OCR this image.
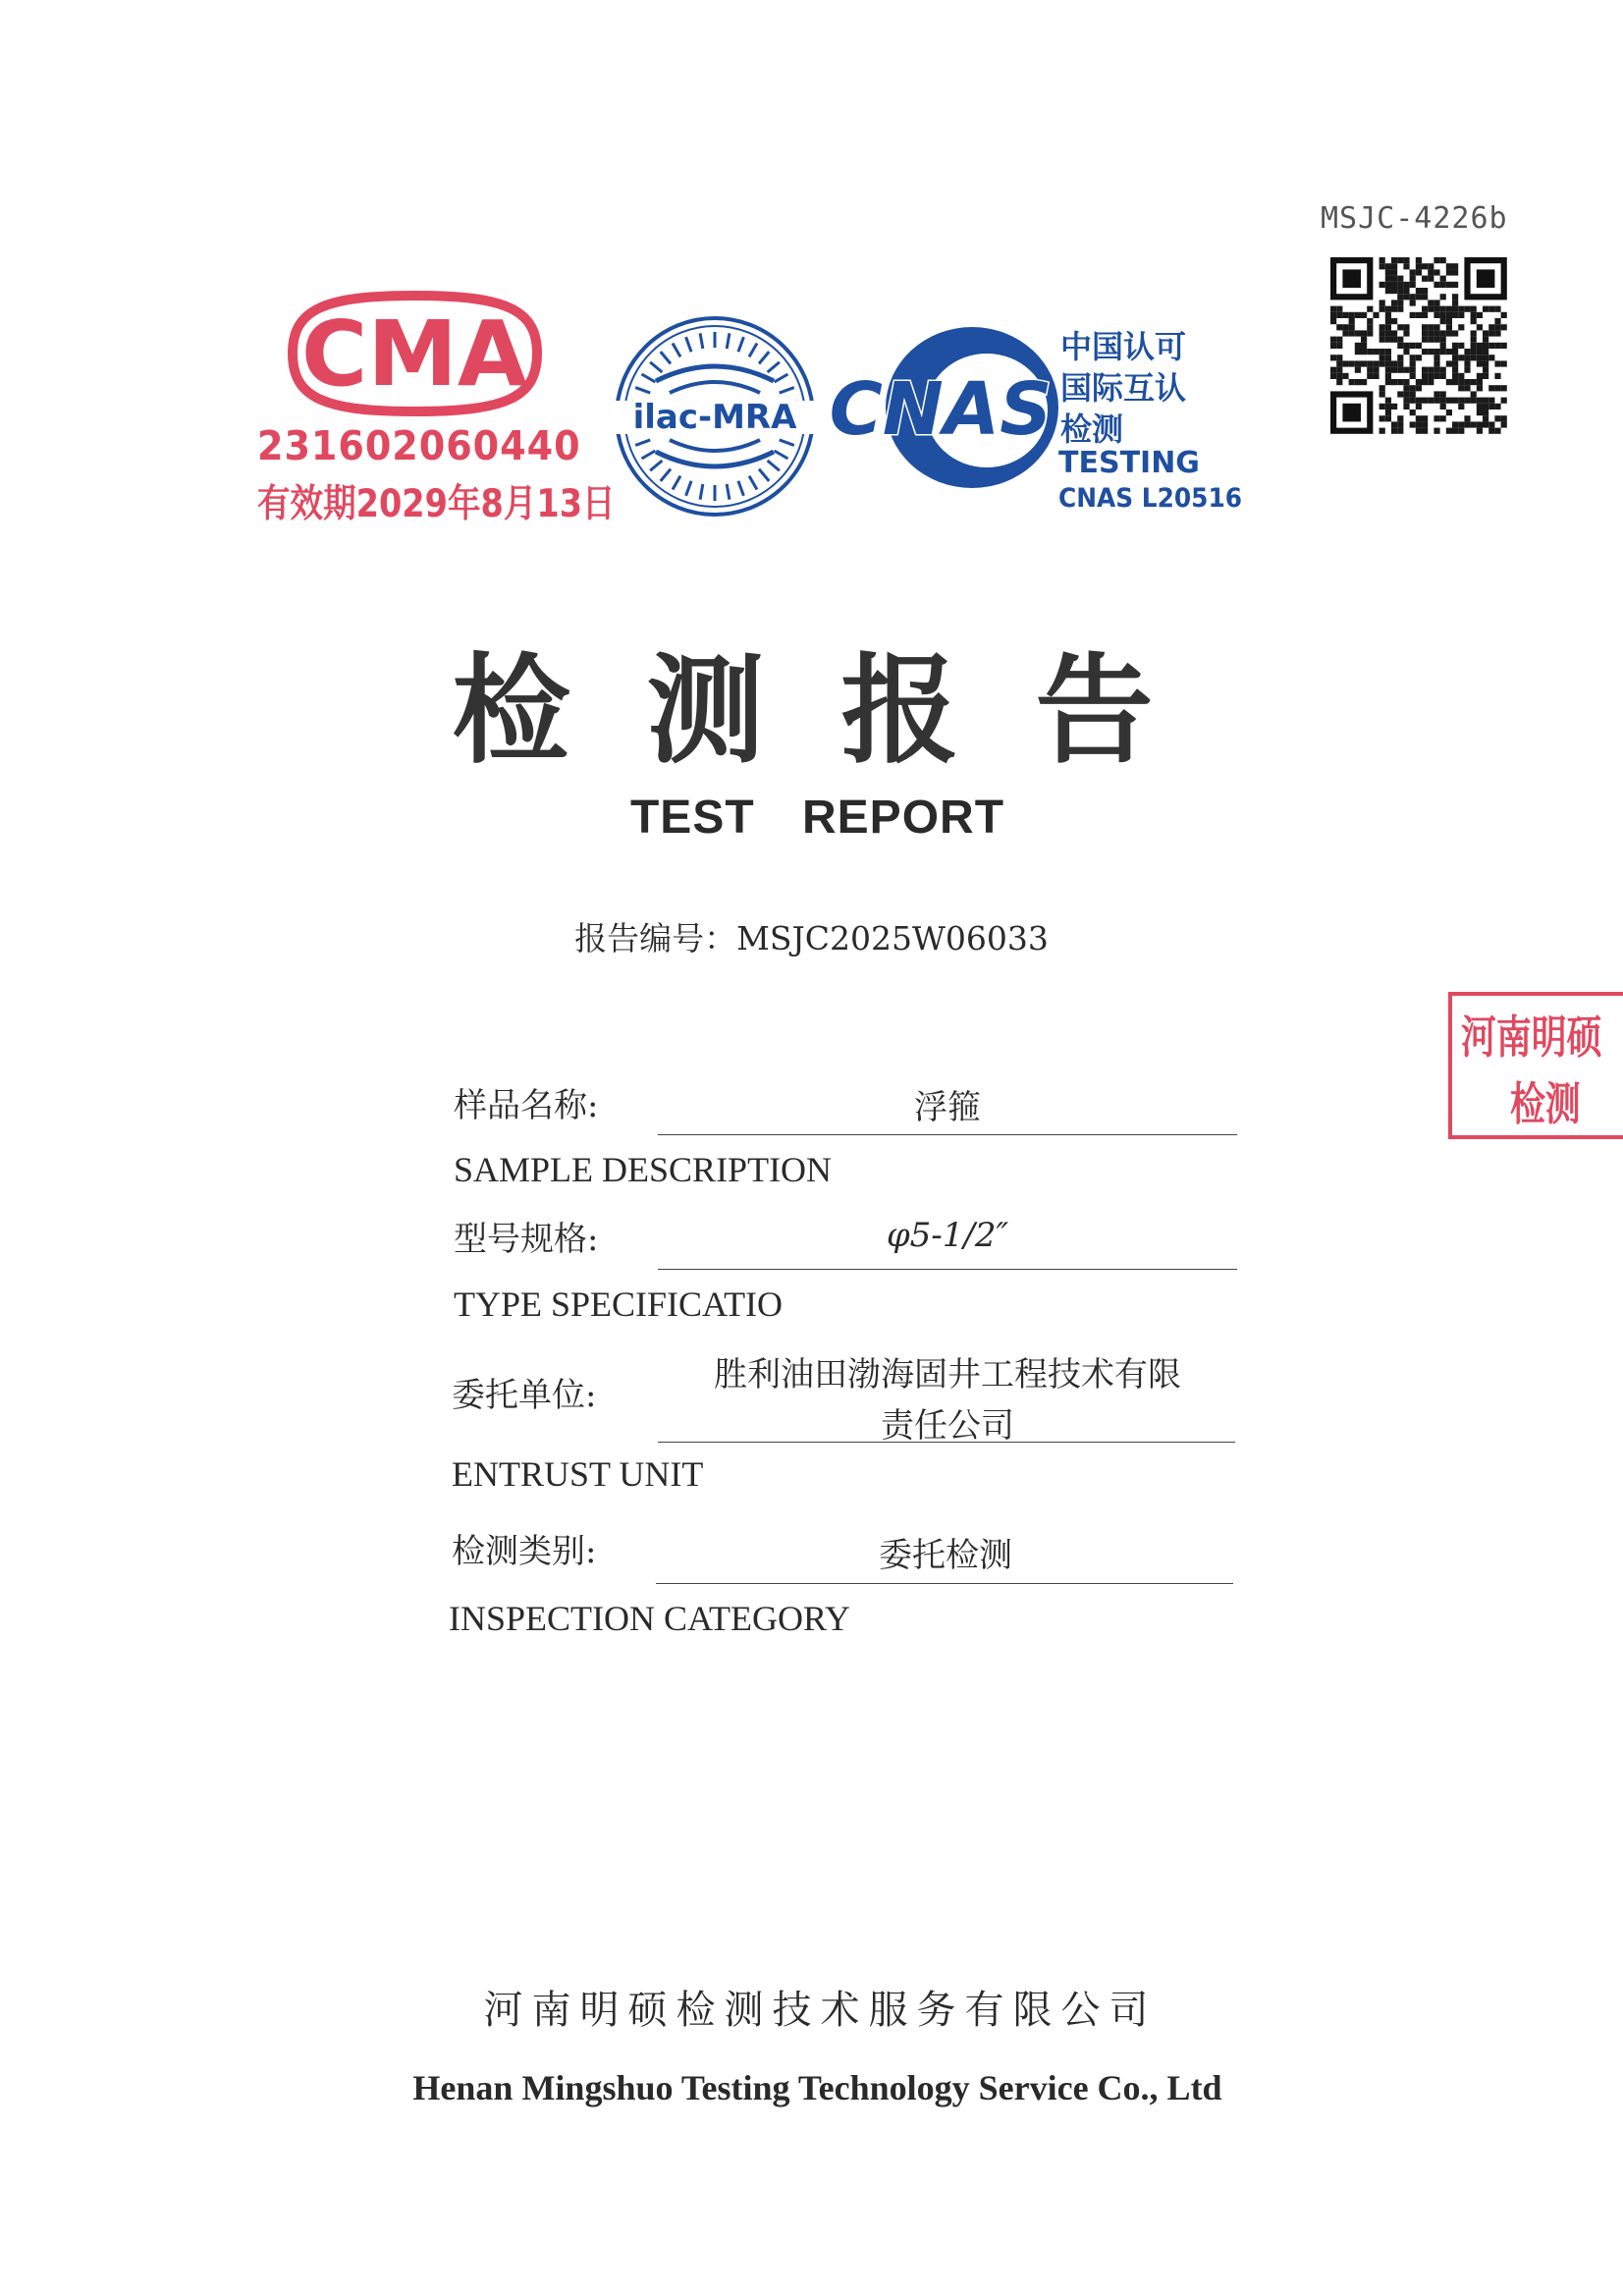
MSJC-4226b
CMA
231602060440
有效期2029年8月13日
ilac-MRA CNAS
中国认可
国际互认
检测
TESTING
CNAS L20516
检测报告
TEST REPORT
报告编号：MSJC2025W06033
样品名称:	浮箍
SAMPLE DESCRIPTION
型号规格:	φ5-1/2″
TYPE SPECIFICATIO
委托单位:
胜利油田渤海固井工程技术有限
责任公司
ENTRUST UNIT
检测类别:	委托检测
INSPECTION CATEGORY
河南明硕
检测
河南明硕检测技术服务有限公司
Henan Mingshuo Testing Technology Service Co., Ltd
